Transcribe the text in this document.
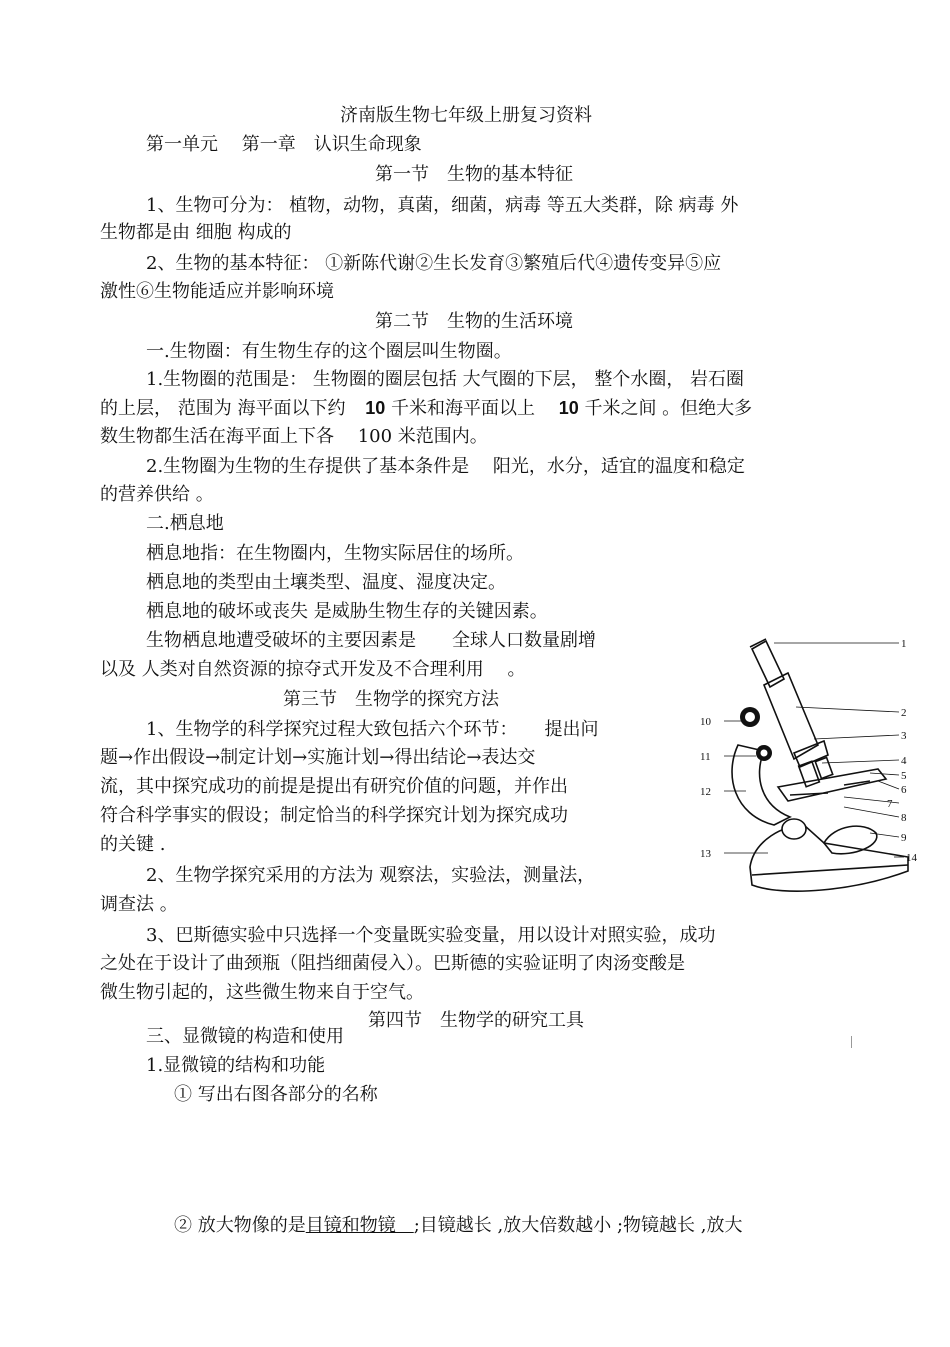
济南版生物七年级上册复习资料
第一单元　 第一章　认识生命现象
第一节　生物的基本特征
1、生物可分为： 植物，动物，真菌，细菌，病毒 等五大类群，除 病毒 外
生物都是由 细胞 构成的
2、生物的基本特征： ①新陈代谢②生长发育③繁殖后代④遗传变异⑤应
激性⑥生物能适应并影响环境
第二节　生物的生活环境
一.生物圈：有生物生存的这个圈层叫生物圈。
1.生物圈的范围是： 生物圈的圈层包括 大气圈的下层， 整个水圈， 岩石圈
的上层， 范围为 海平面以下约 10 千米和海平面以上 10 千米之间 。但绝大多
数生物都生活在海平面上下各　 100 米范围内。
2.生物圈为生物的生存提供了基本条件是　 阳光，水分，适宜的温度和稳定
的营养供给 。
二.栖息地
栖息地指：在生物圈内，生物实际居住的场所。
栖息地的类型由土壤类型、温度、湿度决定。
栖息地的破坏或丧失 是威胁生物生存的关键因素。
生物栖息地遭受破坏的主要因素是　　全球人口数量剧增
以及 人类对自然资源的掠夺式开发及不合理利用　 。
第三节　生物学的探究方法
1、生物学的科学探究过程大致包括六个环节：　　提出问
题→作出假设→制定计划→实施计划→得出结论→表达交
流，其中探究成功的前提是提出有研究价值的问题，并作出
符合科学事实的假设；制定恰当的科学探究计划为探究成功
的关键 .
2、生物学探究采用的方法为 观察法，实验法，测量法，
调查法 。
3、巴斯德实验中只选择一个变量既实验变量，用以设计对照实验，成功
之处在于设计了曲颈瓶（阻挡细菌侵入）。巴斯德的实验证明了肉汤变酸是
微生物引起的，这些微生物来自于空气。
第四节　生物学的研究工具
三、显微镜的构造和使用
1.显微镜的结构和功能
① 写出右图各部分的名称
② 放大物像的是目镜和物镜　;目镜越长 ,放大倍数越小 ;物镜越长 ,放大
1
2
3
4
5
6
7
8
9
10
11
12
13	14
